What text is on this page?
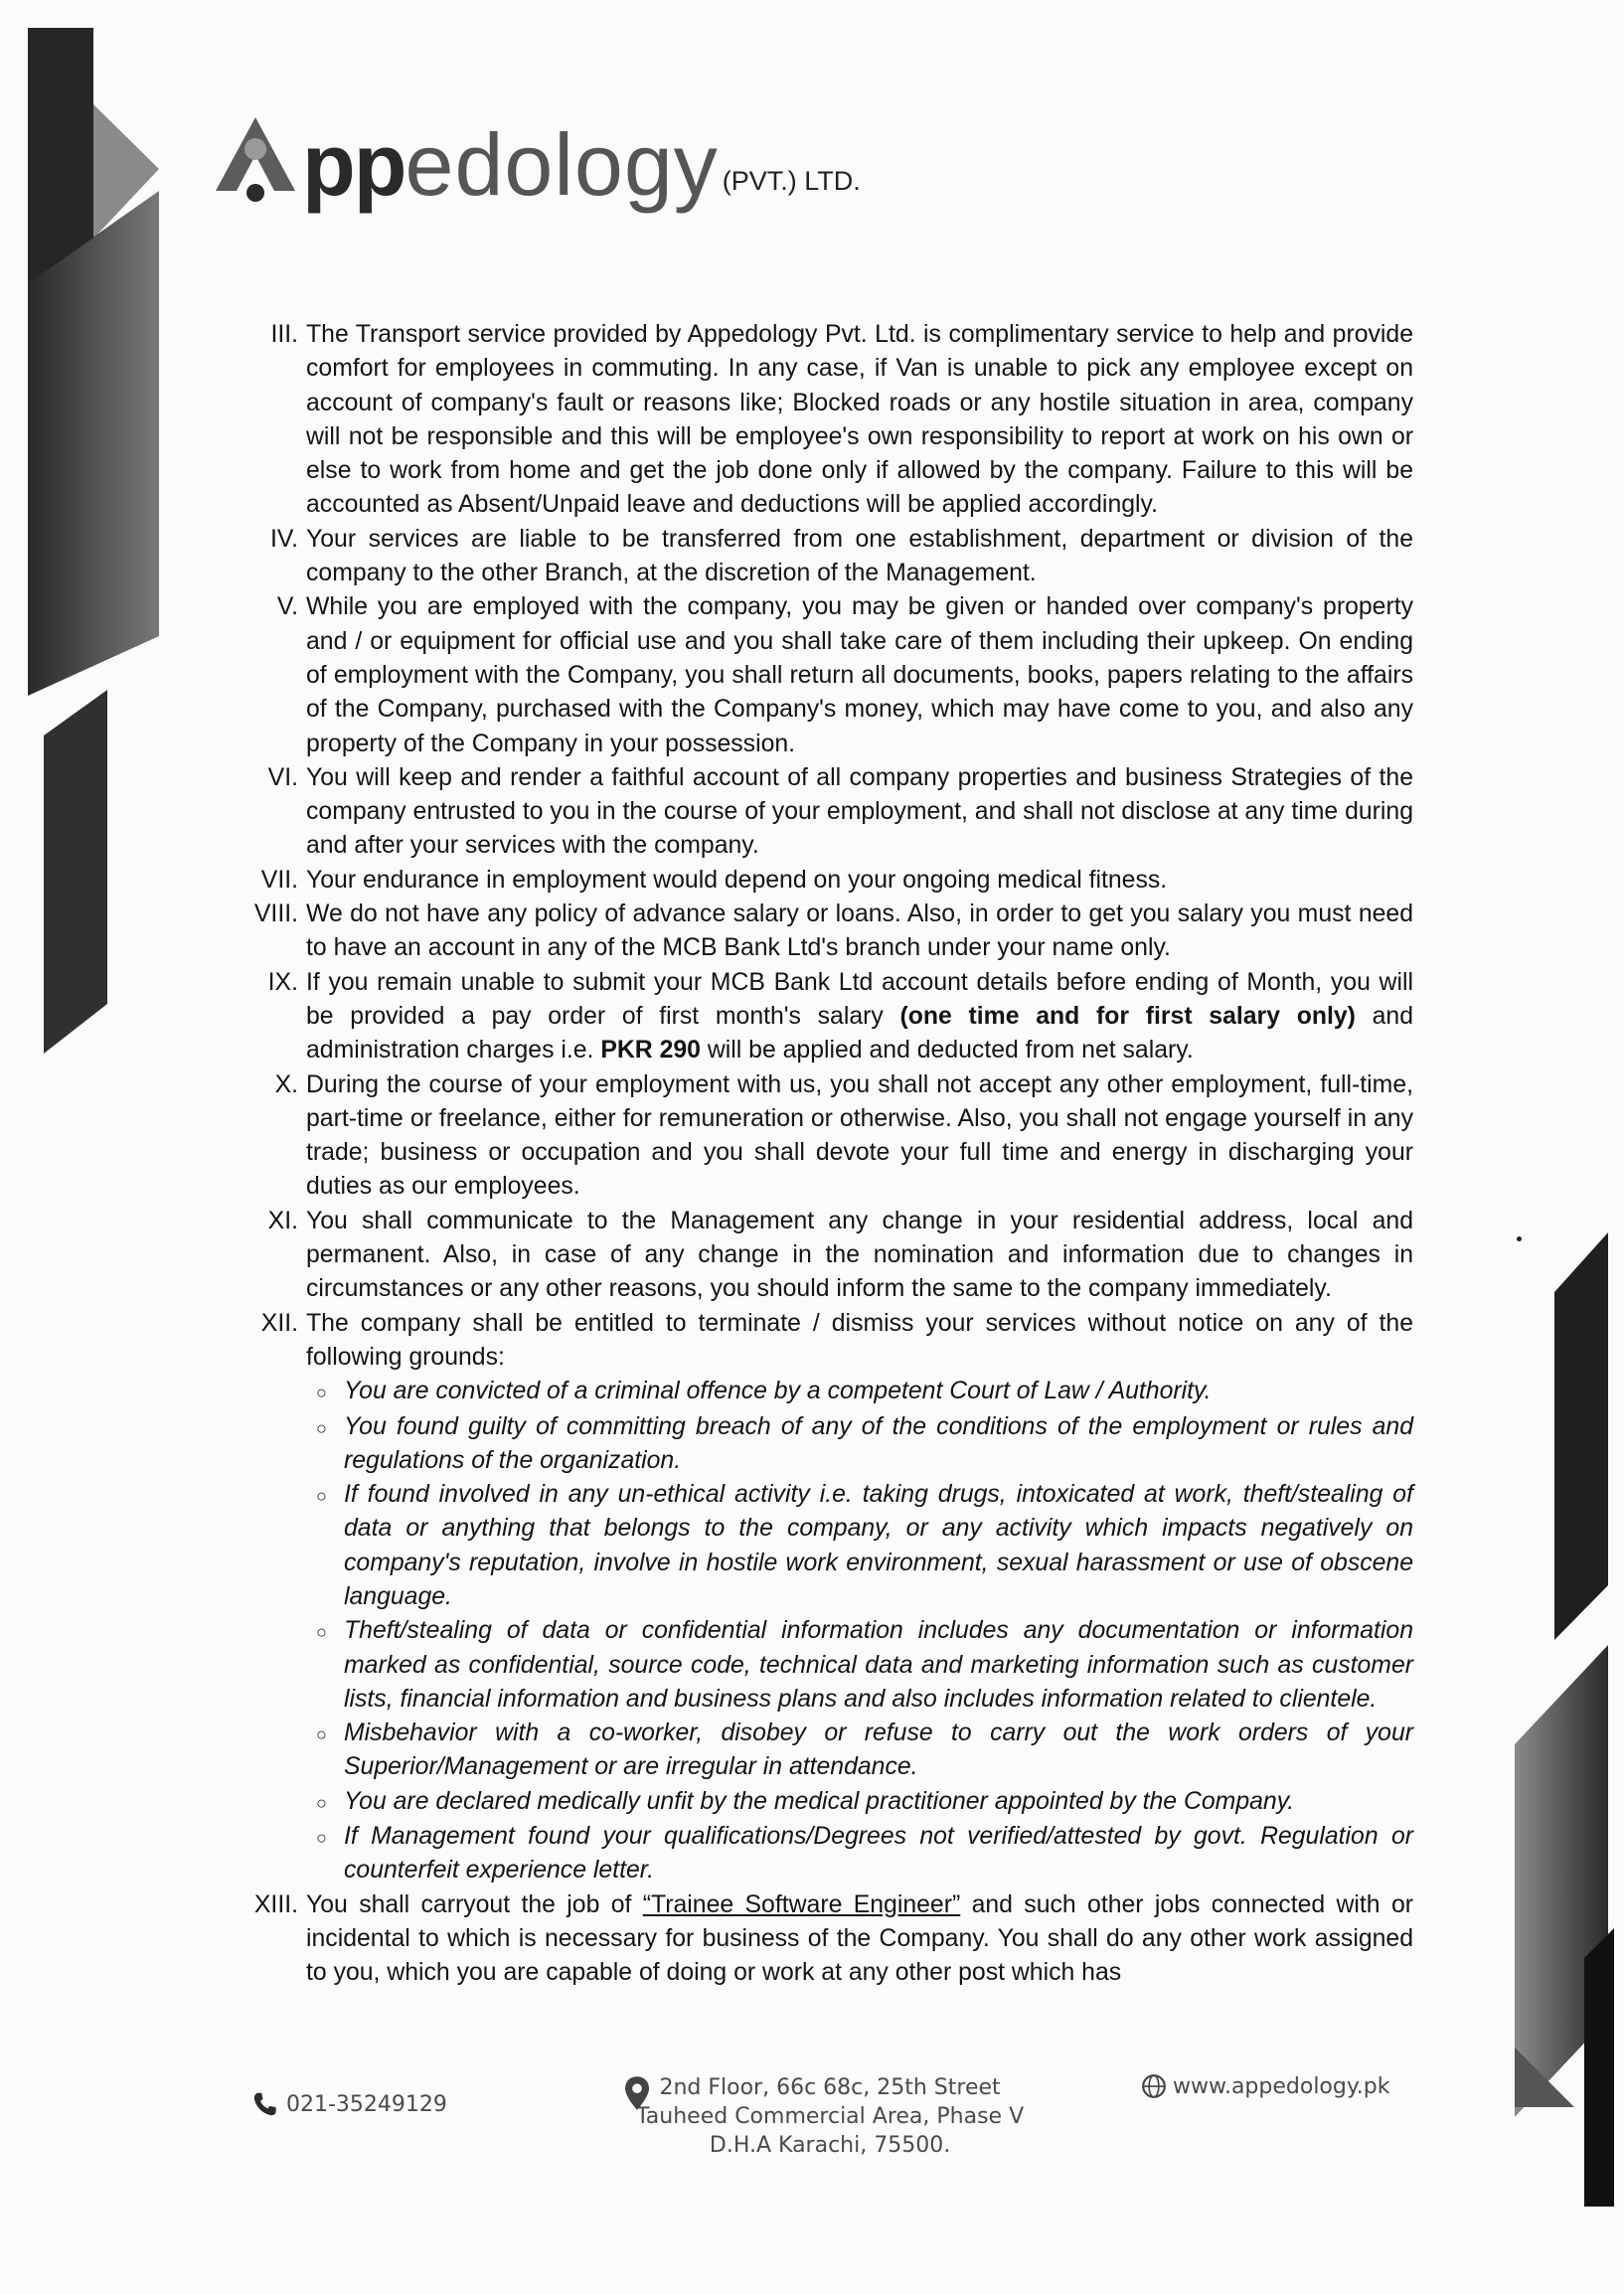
pp edology (PVT.) LTD.
III. The Transport service provided by Appedology Pvt. Ltd. is complimentary service to help and provide comfort for employees in commuting. In any case, if Van is unable to pick any employee except on account of company's fault or reasons like; Blocked roads or any hostile situation in area, company will not be responsible and this will be employee's own responsibility to report at work on his own or else to work from home and get the job done only if allowed by the company. Failure to this will be accounted as Absent/Unpaid leave and deductions will be applied accordingly.
IV. Your services are liable to be transferred from one establishment, department or division of the company to the other Branch, at the discretion of the Management.
V. While you are employed with the company, you may be given or handed over company's property and / or equipment for official use and you shall take care of them including their upkeep. On ending of employment with the Company, you shall return all documents, books, papers relating to the affairs of the Company, purchased with the Company's money, which may have come to you, and also any property of the Company in your possession.
VI. You will keep and render a faithful account of all company properties and business Strategies of the company entrusted to you in the course of your employment, and shall not disclose at any time during and after your services with the company.
VII. Your endurance in employment would depend on your ongoing medical fitness.
VIII. We do not have any policy of advance salary or loans. Also, in order to get you salary you must need to have an account in any of the MCB Bank Ltd's branch under your name only.
IX. If you remain unable to submit your MCB Bank Ltd account details before ending of Month, you will be provided a pay order of first month's salary (one time and for first salary only) and administration charges i.e. PKR 290 will be applied and deducted from net salary.
X. During the course of your employment with us, you shall not accept any other employment, full-time, part-time or freelance, either for remuneration or otherwise. Also, you shall not engage yourself in any trade; business or occupation and you shall devote your full time and energy in discharging your duties as our employees.
XI. You shall communicate to the Management any change in your residential address, local and permanent. Also, in case of any change in the nomination and information due to changes in circumstances or any other reasons, you should inform the same to the company immediately.
XII. The company shall be entitled to terminate / dismiss your services without notice on any of the following grounds:
○ You are convicted of a criminal offence by a competent Court of Law / Authority.
○ You found guilty of committing breach of any of the conditions of the employment or rules and regulations of the organization.
○ If found involved in any un-ethical activity i.e. taking drugs, intoxicated at work, theft/stealing of data or anything that belongs to the company, or any activity which impacts negatively on company's reputation, involve in hostile work environment, sexual harassment or use of obscene language.
○ Theft/stealing of data or confidential information includes any documentation or information marked as confidential, source code, technical data and marketing information such as customer lists, financial information and business plans and also includes information related to clientele.
○ Misbehavior with a co-worker, disobey or refuse to carry out the work orders of your Superior/Management or are irregular in attendance.
○ You are declared medically unfit by the medical practitioner appointed by the Company.
○ If Management found your qualifications/Degrees not verified/attested by govt. Regulation or counterfeit experience letter.
XIII. You shall carryout the job of “Trainee Software Engineer” and such other jobs connected with or incidental to which is necessary for business of the Company. You shall do any other work assigned to you, which you are capable of doing or work at any other post which has
021-35249129
2nd Floor, 66c 68c, 25th Street
Tauheed Commercial Area, Phase V
D.H.A Karachi, 75500.
www.appedology.pk
